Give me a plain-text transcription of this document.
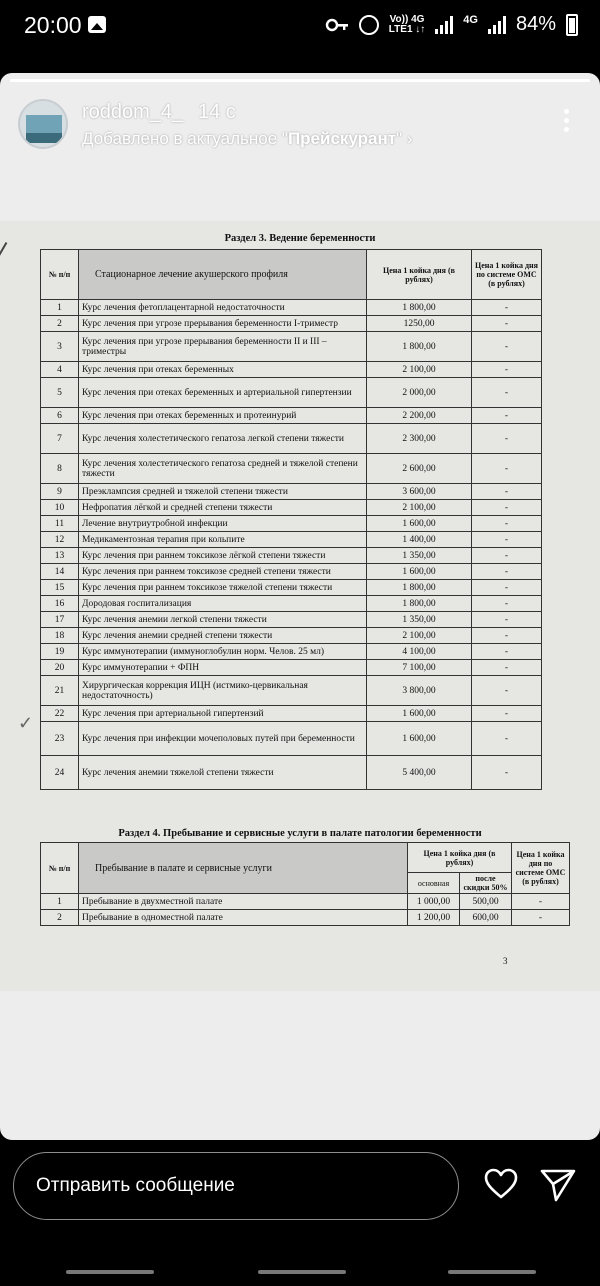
20:00	Vo)) 4G
LTE1 ↓↑
4G 84%
roddom_4_ 14 с
Добавлено в актуальное "Прейскурант" ›
Раздел 3. Ведение беременности
№ п/п	Стационарное лечение акушерского профиля	Цена 1 койка дня (в рублях)	Цена 1 койка дня по системе ОМС (в рублях)
1	Курс лечения фетоплацентарной недостаточности	1 800,00	-
2	Курс лечения при угрозе прерывания беременности I-триместр	1250,00	-
3	Курс лечения при угрозе прерывания беременности II и III – триместры	1 800,00	-
4	Курс лечения при отеках беременных	2 100,00	-
5	Курс лечения при отеках беременных и артериальной гипертензии	2 000,00	-
6	Курс лечения при отеках беременных и протеинурий	2 200,00	-
7	Курс лечения холестетического гепатоза легкой степени тяжести	2 300,00	-
8	Курс лечения холестетического гепатоза средней и тяжелой степени тяжести	2 600,00	-
9	Преэклампсия средней и тяжелой степени тяжести	3 600,00	-
10	Нефропатия лёгкой и средней степени тяжести	2 100,00	-
11	Лечение внутриутробной инфекции	1 600,00	-
12	Медикаментозная терапия при кольпите	1 400,00	-
13	Курс лечения при раннем токсикозе лёгкой степени тяжести	1 350,00	-
14	Курс лечения при раннем токсикозе средней степени тяжести	1 600,00	-
15	Курс лечения при раннем токсикозе тяжелой степени тяжести	1 800,00	-
16	Дородовая госпитализация	1 800,00	-
17	Курс лечения анемии легкой степени тяжести	1 350,00	-
18	Курс лечения анемии средней степени тяжести	2 100,00	-
19	Курс иммунотерапии (иммуноглобулин норм. Челов. 25 мл)	4 100,00	-
20	Курс иммунотерапии + ФПН	7 100,00	-
21	Хирургическая коррекция ИЦН (истмико-цервикальная недостаточность)	3 800,00	-
22	Курс лечения при артериальной гипертензий	1 600,00	-
23	Курс лечения при инфекции мочеполовых путей при беременности	1 600,00	-
24	Курс лечения анемии тяжелой степени тяжести	5 400,00	-
✓
Раздел 4. Пребывание и сервисные услуги в палате патологии беременности
№ п/п	Пребывание в палате и сервисные услуги	Цена 1 койка дня (в рублях)		Цена 1 койка дня по системе ОМС (в рублях)
		основная	после скидки 50%	
1	Пребывание в двухместной палате	1 000,00	500,00	-
2	Пребывание в одноместной палате	1 200,00	600,00	-
3
Отправить сообщение
